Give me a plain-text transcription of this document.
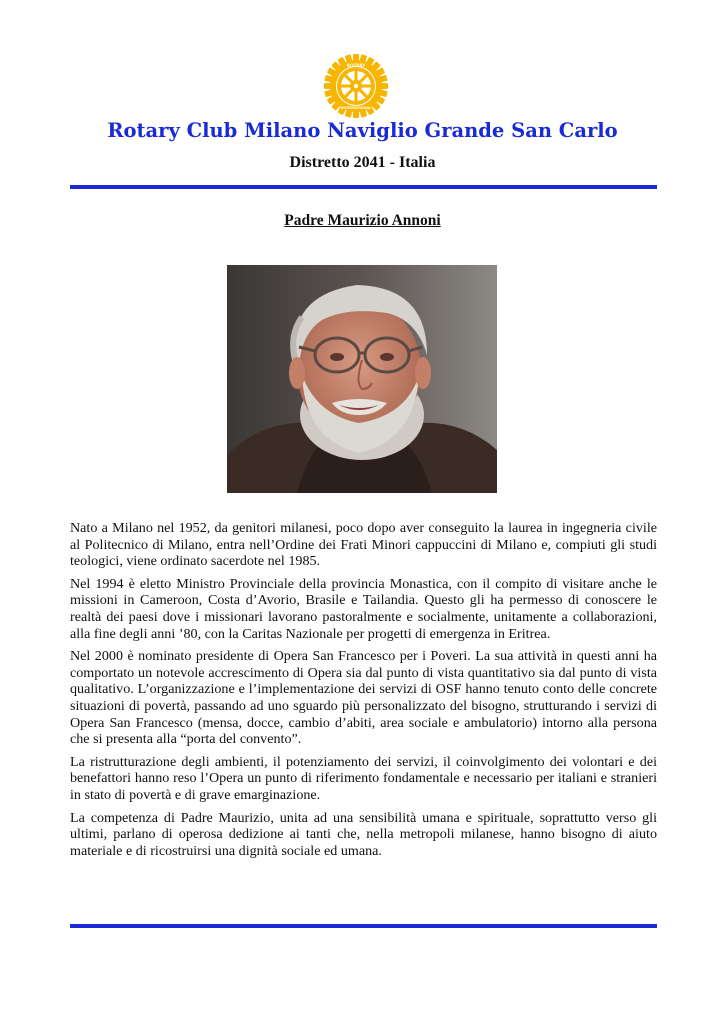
ROTARY
INTERNATIONAL
Rotary Club Milano Naviglio Grande San Carlo
Distretto 2041 - Italia
Padre Maurizio Annoni

Nato a Milano nel 1952, da genitori milanesi, poco dopo aver conseguito la laurea in ingegneria civile al Politecnico di Milano, entra nell’Ordine dei Frati Minori cappuccini di Milano e, compiuti gli studi teologici, viene ordinato sacerdote nel 1985.

Nel 1994 è eletto Ministro Provinciale della provincia Monastica, con il compito di visitare anche le missioni in Cameroon, Costa d’Avorio, Brasile e Tailandia. Questo gli ha permesso di conoscere le realtà dei paesi dove i missionari lavorano pastoralmente e socialmente, unitamente a collaborazioni, alla fine degli anni ’80, con la Caritas Nazionale per progetti di emergenza in Eritrea.

Nel 2000 è nominato presidente di Opera San Francesco per i Poveri. La sua attività in questi anni ha comportato un notevole accrescimento di Opera sia dal punto di vista quantitativo sia dal punto di vista qualitativo. L’organizzazione e l’implementazione dei servizi di OSF hanno tenuto conto delle concrete situazioni di povertà, passando ad uno sguardo più personalizzato del bisogno, strutturando i servizi di Opera San Francesco (mensa, docce, cambio d’abiti, area sociale e ambulatorio) intorno alla persona che si presenta alla “porta del convento”.

La ristrutturazione degli ambienti, il potenziamento dei servizi, il coinvolgimento dei volontari e dei benefattori hanno reso l’Opera un punto di riferimento fondamentale e necessario per italiani e stranieri in stato di povertà e di grave emarginazione.

La competenza di Padre Maurizio, unita ad una sensibilità umana e spirituale, soprattutto verso gli ultimi, parlano di operosa dedizione ai tanti che, nella metropoli milanese, hanno bisogno di aiuto materiale e di ricostruirsi una dignità sociale ed umana.
